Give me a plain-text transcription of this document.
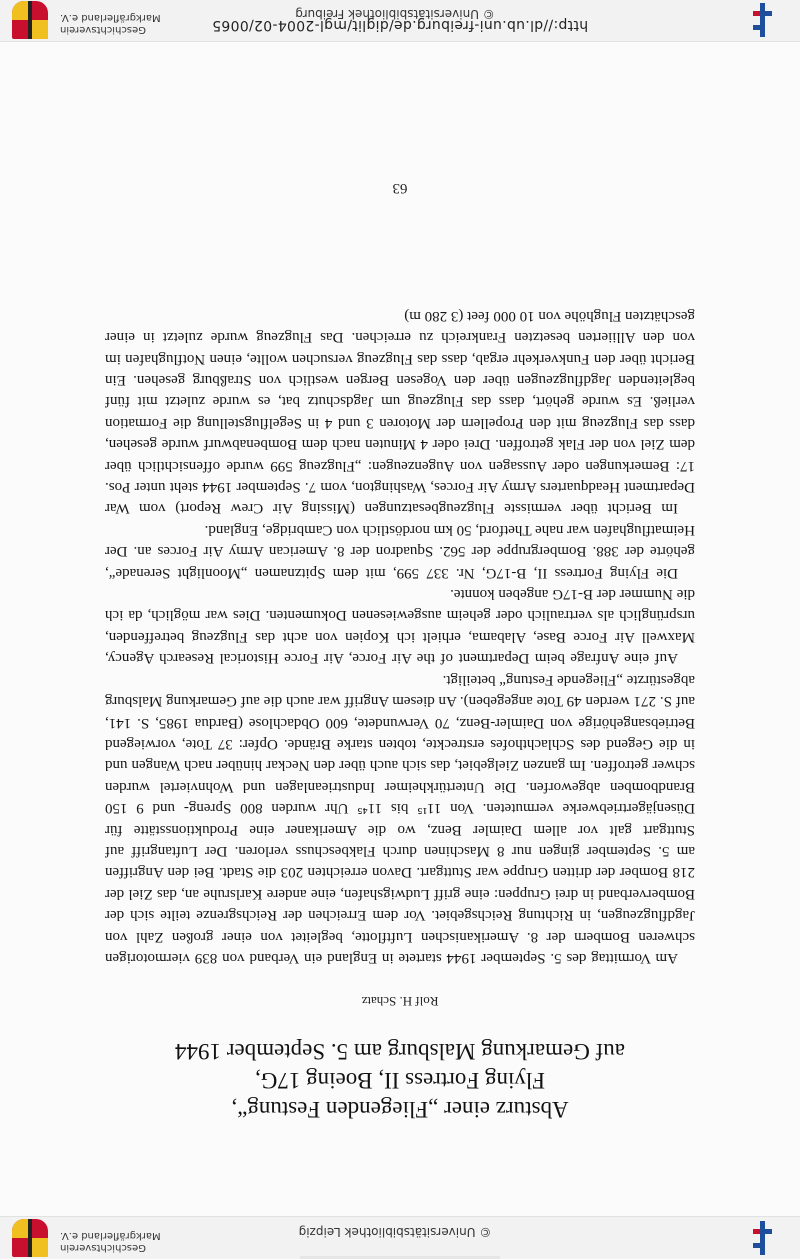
© Universitätsbibliothek Leipzig
Geschichtsverein Markgräflerland e.V.
Absturz einer „Fliegenden Festung“,
Flying Fortress II, Boeing 17G,
auf Gemarkung Malsburg am 5. September 1944
Rolf H. Schatz

Am Vormittag des 5. September 1944 startete in England ein Verband von 839 viermotorigen schweren Bombern der 8. Amerikanischen Luftflotte, begleitet von einer großen Zahl von Jagdflugzeugen, in Richtung Reichsgebiet. Vor dem Erreichen der Reichsgrenze teilte sich der Bomberverband in drei Gruppen: eine griff Ludwigshafen, eine andere Karlsruhe an, das Ziel der 218 Bomber der dritten Gruppe war Stuttgart. Davon erreichten 203 die Stadt. Bei den Angriffen am 5. September gingen nur 8 Maschinen durch Flakbeschuss verloren. Der Luftangriff auf Stuttgart galt vor allem Daimler Benz, wo die Amerikaner eine Produktionsstätte für Düsenjägertriebwerke vermuteten. Von 11¹⁵ bis 11⁴⁵ Uhr wurden 800 Spreng- und 9 150 Brandbomben abgeworfen. Die Untertürkheimer Industrieanlagen und Wohnviertel wurden schwer getroffen. Im ganzen Zielgebiet, das sich auch über den Neckar hinüber nach Wangen und in die Gegend des Schlachthofes erstreckte, tobten starke Brände. Opfer: 37 Tote, vorwiegend Betriebsangehörige von Daimler-Benz, 70 Verwundete, 600 Obdachlose (Bardua 1985, S. 141, auf S. 271 werden 49 Tote angegeben). An diesem Angriff war auch die auf Gemarkung Malsburg abgestürzte „Fliegende Festung“ beteiligt.

Auf eine Anfrage beim Department of the Air Force, Air Force Historical Research Agency, Maxwell Air Force Base, Alabama, erhielt ich Kopien von acht das Flugzeug betreffenden, ursprünglich als vertraulich oder geheim ausgewiesenen Dokumenten. Dies war möglich, da ich die Nummer der B-17G angeben konnte.

Die Flying Fortress II, B-17G, Nr. 337 599, mit dem Spitznamen „Moonlight Serenade“, gehörte der 388. Bombergruppe der 562. Squadron der 8. American Army Air Forces an. Der Heimatflughafen war nahe Thetford, 50 km nordöstlich von Cambridge, England.

Im Bericht über vermisste Flugzeugbesatzungen (Missing Air Crew Report) vom War Department Headquarters Army Air Forces, Washington, vom 7. September 1944 steht unter Pos. 17: Bemerkungen oder Aussagen von Augenzeugen: „Flugzeug 599 wurde offensichtlich über dem Ziel von der Flak getroffen. Drei oder 4 Minuten nach dem Bombenabwurf wurde gesehen, dass das Flugzeug mit den Propellern der Motoren 3 und 4 in Segelflugstellung die Formation verließ. Es wurde gehört, dass das Flugzeug um Jagdschutz bat, es wurde zuletzt mit fünf begleitenden Jagdflugzeugen über den Vogesen Bergen westlich von Straßburg gesehen. Ein Bericht über den Funkverkehr ergab, dass das Flugzeug versuchen wollte, einen Notflughafen im von den Alliierten besetzten Frankreich zu erreichen. Das Flugzeug wurde zuletzt in einer geschätzten Flughöhe von 10 000 feet (3 280 m)

63
http://dl.ub.uni-freiburg.de/diglit/mgl-2004-02/0065
© Universitätsbibliothek Freiburg
Geschichtsverein Markgräflerland e.V.
